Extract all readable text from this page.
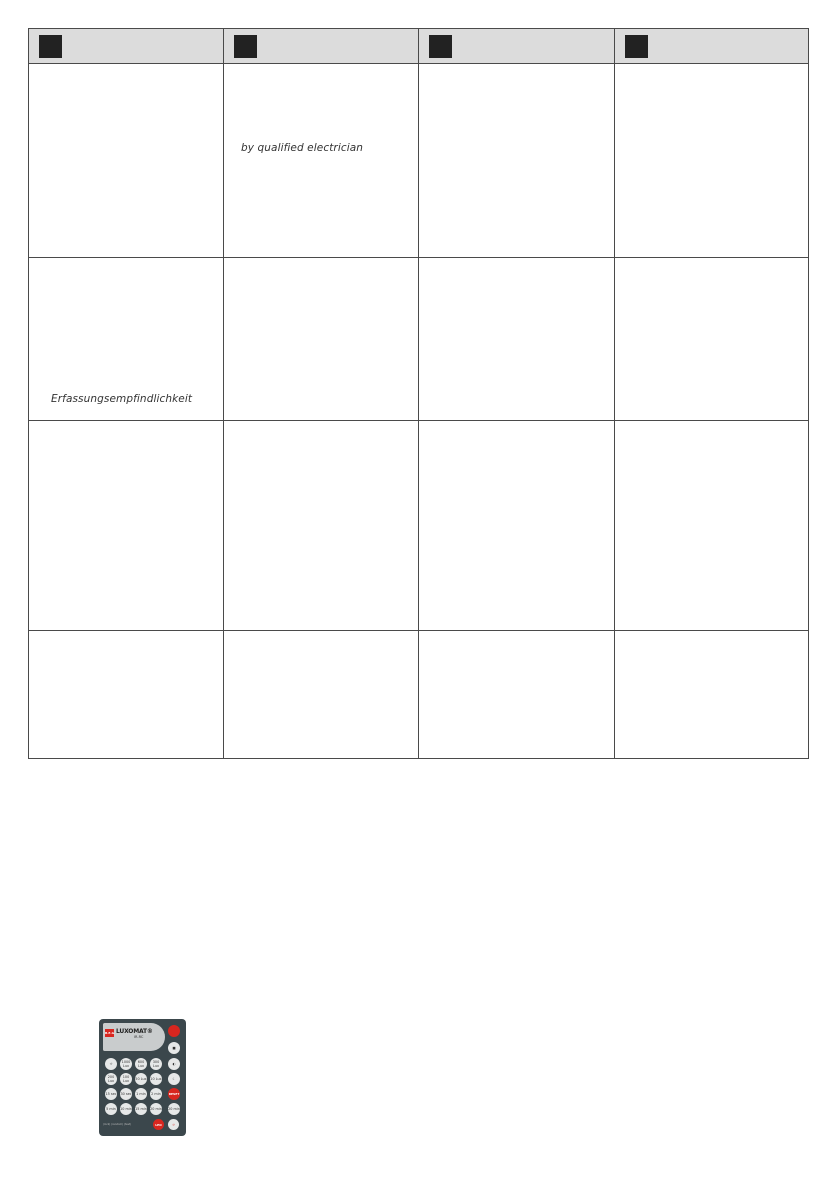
by qualified electrician
Erfassungsempfindlichkeit
B.E.G. LUXOMAT®
IR-RC
■
☼	1000 Lux
600 Lux
300 Lux	◐
200 Lux
100 Lux	50 Lux 10 Lux	☾
15 sec 30 sec 1 min 2 min	RESET
5 min 10 min 15 min 20 min 20 min
LED	☼
(lock) (random) (test)
